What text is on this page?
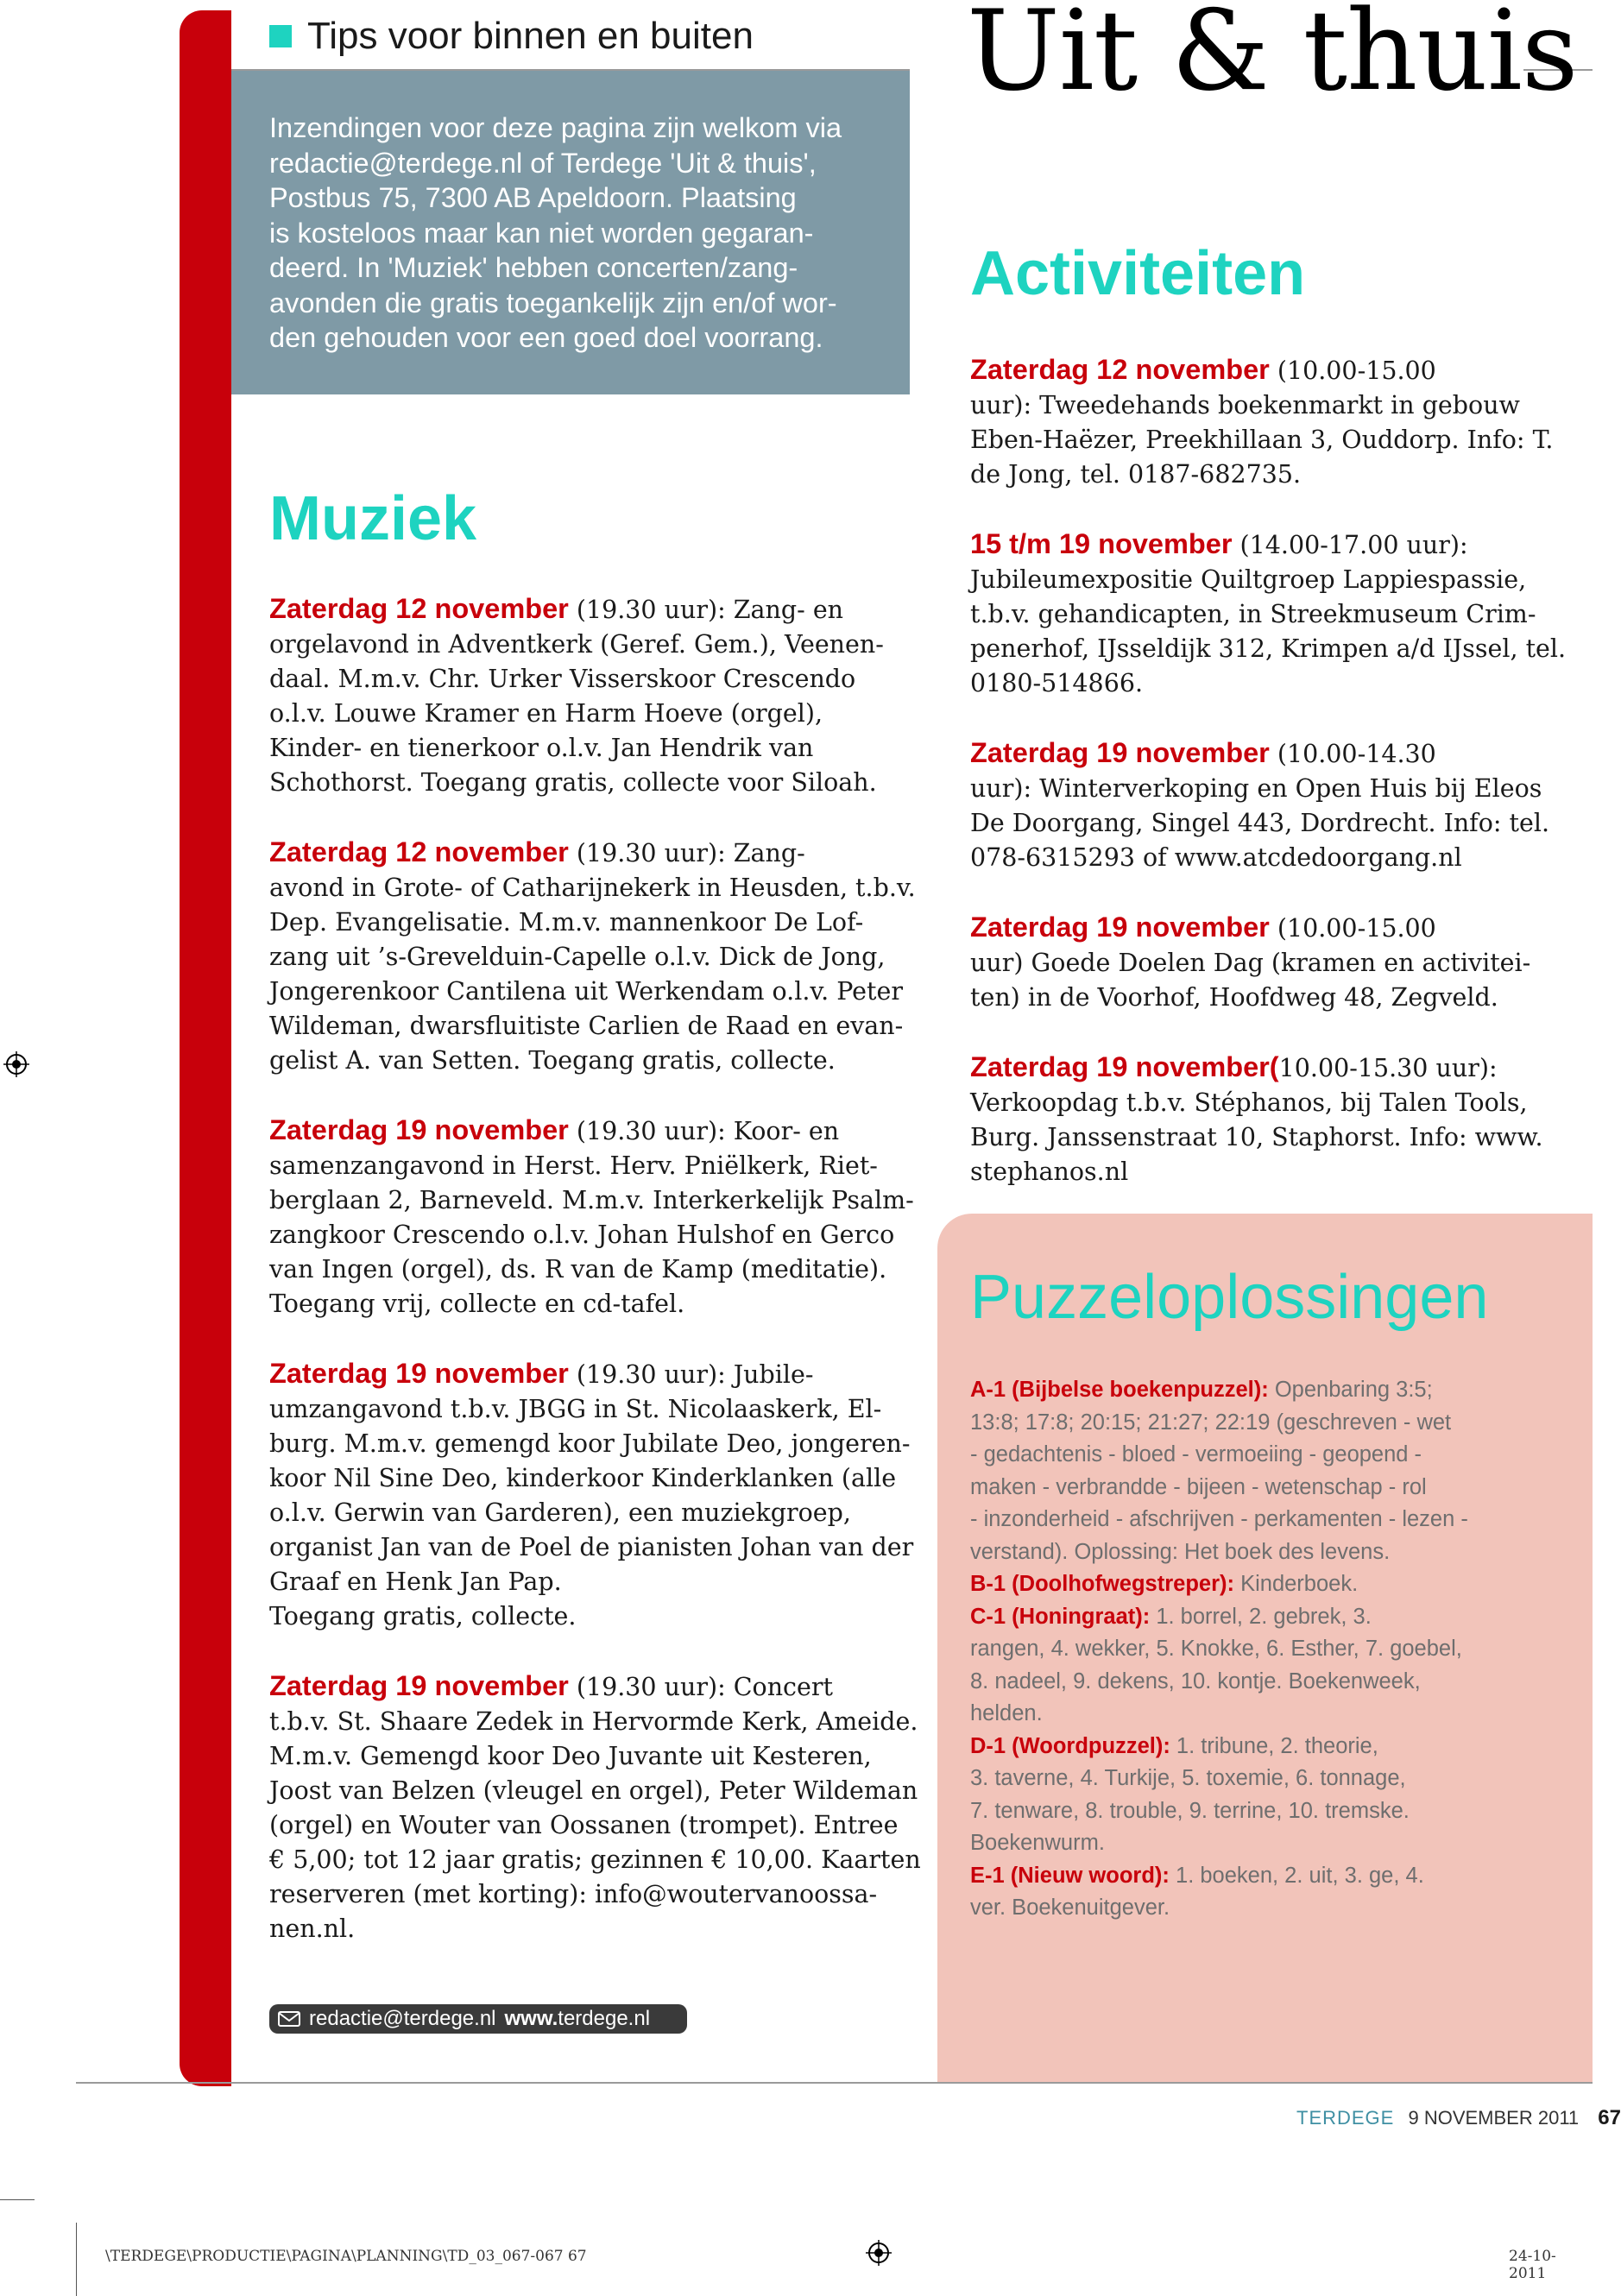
Tips voor binnen en buiten Uit & thuis
Inzendingen voor deze pagina zijn welkom via
redactie@terdege.nl of Terdege 'Uit & thuis',
Postbus 75, 7300 AB Apeldoorn. Plaatsing
is kosteloos maar kan niet worden gegaran-
deerd. In 'Muziek' hebben concerten/zang-
avonden die gratis toegankelijk zijn en/of wor-
den gehouden voor een goed doel voorrang.
Muziek
Zaterdag 12 november (19.30 uur): Zang- en
orgelavond in Adventkerk (Geref. Gem.), Veenen-
daal. M.m.v. Chr. Urker Visserskoor Crescendo
o.l.v. Louwe Kramer en Harm Hoeve (orgel),
Kinder- en tienerkoor o.l.v. Jan Hendrik van
Schothorst. Toegang gratis, collecte voor Siloah.
Zaterdag 12 november (19.30 uur): Zang-
avond in Grote- of Catharijnekerk in Heusden, t.b.v.
Dep. Evangelisatie. M.m.v. mannenkoor De Lof-
zang uit ’s-Grevelduin-Capelle o.l.v. Dick de Jong,
Jongerenkoor Cantilena uit Werkendam o.l.v. Peter
Wildeman, dwarsfluitiste Carlien de Raad en evan-
gelist A. van Setten. Toegang gratis, collecte.
Zaterdag 19 november (19.30 uur): Koor- en
samenzangavond in Herst. Herv. Pniëlkerk, Riet-
berglaan 2, Barneveld. M.m.v. Interkerkelijk Psalm-
zangkoor Crescendo o.l.v. Johan Hulshof en Gerco
van Ingen (orgel), ds. R van de Kamp (meditatie).
Toegang vrij, collecte en cd-tafel.
Zaterdag 19 november (19.30 uur): Jubile-
umzangavond t.b.v. JBGG in St. Nicolaaskerk, El-
burg. M.m.v. gemengd koor Jubilate Deo, jongeren-
koor Nil Sine Deo, kinderkoor Kinderklanken (alle
o.l.v. Gerwin van Garderen), een muziekgroep,
organist Jan van de Poel de pianisten Johan van der
Graaf en Henk Jan Pap.
Toegang gratis, collecte.
Zaterdag 19 november (19.30 uur): Concert
t.b.v. St. Shaare Zedek in Hervormde Kerk, Ameide.
M.m.v. Gemengd koor Deo Juvante uit Kesteren,
Joost van Belzen (vleugel en orgel), Peter Wildeman
(orgel) en Wouter van Oossanen (trompet). Entree
€ 5,00; tot 12 jaar gratis; gezinnen € 10,00. Kaarten
reserveren (met korting): info@woutervanoossa-
nen.nl.
Activiteiten
Zaterdag 12 november (10.00-15.00
uur): Tweedehands boekenmarkt in gebouw
Eben-Haëzer, Preekhillaan 3, Ouddorp. Info: T.
de Jong, tel. 0187-682735.
15 t/m 19 november (14.00-17.00 uur):
Jubileumexpositie Quiltgroep Lappiespassie,
t.b.v. gehandicapten, in Streekmuseum Crim-
penerhof, IJsseldijk 312, Krimpen a/d IJssel, tel.
0180-514866.
Zaterdag 19 november (10.00-14.30
uur): Winterverkoping en Open Huis bij Eleos
De Doorgang, Singel 443, Dordrecht. Info: tel.
078-6315293 of www.atcdedoorgang.nl
Zaterdag 19 november (10.00-15.00
uur) Goede Doelen Dag (kramen en activitei-
ten) in de Voorhof, Hoofdweg 48, Zegveld.
Zaterdag 19 november(10.00-15.30 uur):
Verkoopdag t.b.v. Stéphanos, bij Talen Tools,
Burg. Janssenstraat 10, Staphorst. Info: www.
stephanos.nl
Puzzeloplossingen
A-1 (Bijbelse boekenpuzzel): Openbaring 3:5;
13:8; 17:8; 20:15; 21:27; 22:19 (geschreven - wet
- gedachtenis - bloed - vermoeiing - geopend -
maken - verbrandde - bijeen - wetenschap - rol
- inzonderheid - afschrijven - perkamenten - lezen -
verstand). Oplossing: Het boek des levens.
B-1 (Doolhofwegstreper): Kinderboek.
C-1 (Honingraat): 1. borrel, 2. gebrek, 3.
rangen, 4. wekker, 5. Knokke, 6. Esther, 7. goebel,
8. nadeel, 9. dekens, 10. kontje. Boekenweek,
helden.
D-1 (Woordpuzzel): 1. tribune, 2. theorie,
3. taverne, 4. Turkije, 5. toxemie, 6. tonnage,
7. tenware, 8. trouble, 9. terrine, 10. tremske.
Boekenwurm.
E-1 (Nieuw woord): 1. boeken, 2. uit, 3. ge, 4.
ver. Boekenuitgever.
redactie@terdege.nl www.terdege.nl
TERDEGE 9 NOVEMBER 2011 67
\TERDEGE\PRODUCTIE\PAGINA\PLANNING\TD_03_067-067 67	24-10-2011
